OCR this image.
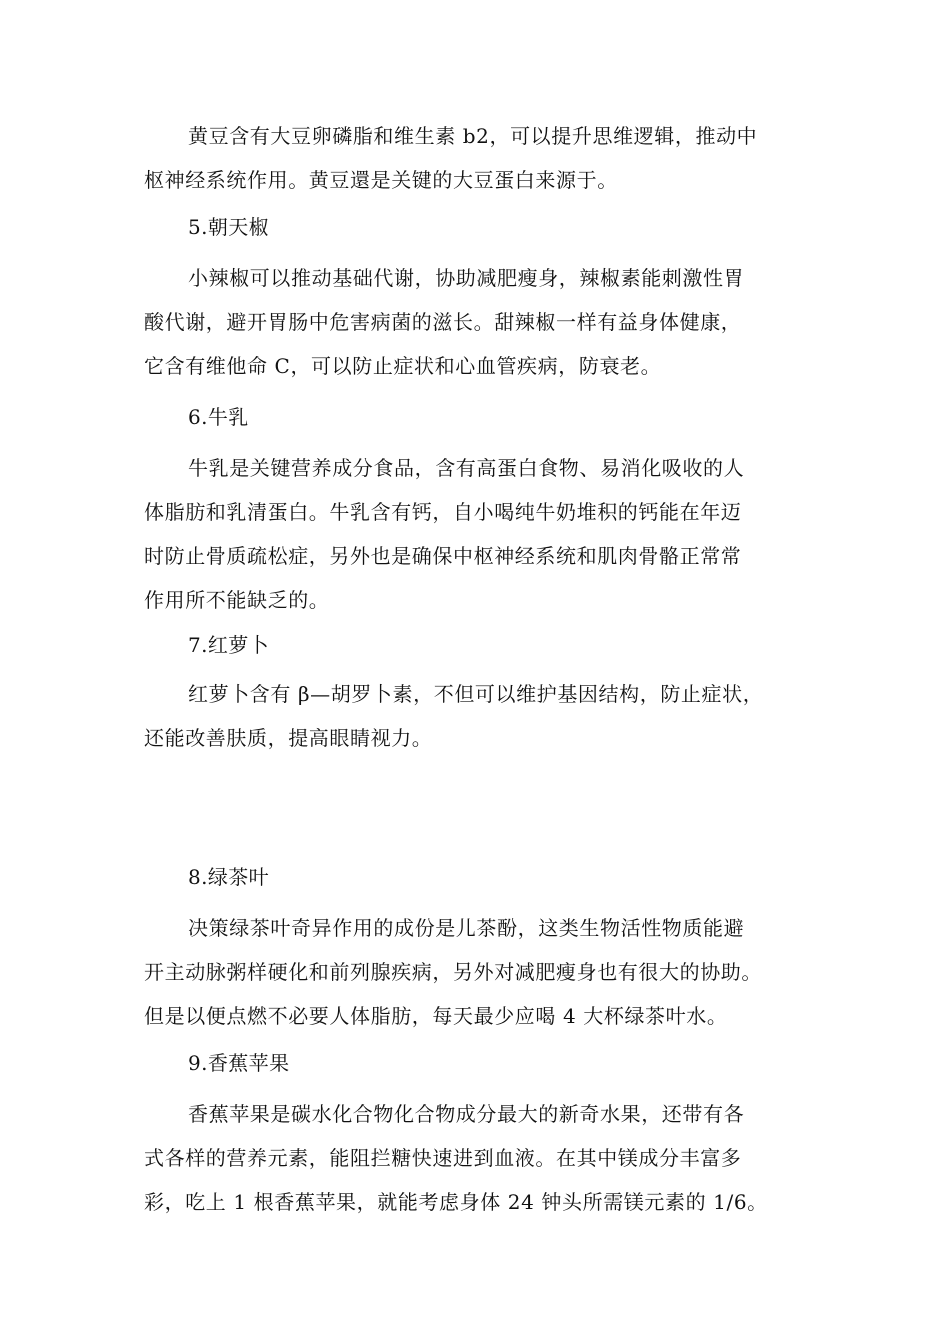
黄豆含有大豆卵磷脂和维生素 b2，可以提升思维逻辑，推动中
枢神经系统作用。黄豆還是关键的大豆蛋白来源于。
5.朝天椒
小辣椒可以推动基础代谢，协助减肥瘦身，辣椒素能刺激性胃
酸代谢，避开胃肠中危害病菌的滋长。甜辣椒一样有益身体健康，
它含有维他命 C，可以防止症状和心血管疾病，防衰老。
6.牛乳
牛乳是关键营养成分食品，含有高蛋白食物、易消化吸收的人
体脂肪和乳清蛋白。牛乳含有钙，自小喝纯牛奶堆积的钙能在年迈
时防止骨质疏松症，另外也是确保中枢神经系统和肌肉骨骼正常常
作用所不能缺乏的。
7.红萝卜
红萝卜含有 β—胡罗卜素，不但可以维护基因结构，防止症状，
还能改善肤质，提高眼睛视力。
8.绿茶叶
决策绿茶叶奇异作用的成份是儿茶酚，这类生物活性物质能避
开主动脉粥样硬化和前列腺疾病，另外对减肥瘦身也有很大的协助。
但是以便点燃不必要人体脂肪，每天最少应喝 4 大杯绿茶叶水。
9.香蕉苹果
香蕉苹果是碳水化合物化合物成分最大的新奇水果，还带有各
式各样的营养元素，能阻拦糖快速进到血液。在其中镁成分丰富多
彩，吃上 1 根香蕉苹果，就能考虑身体 24 钟头所需镁元素的 1/6。
